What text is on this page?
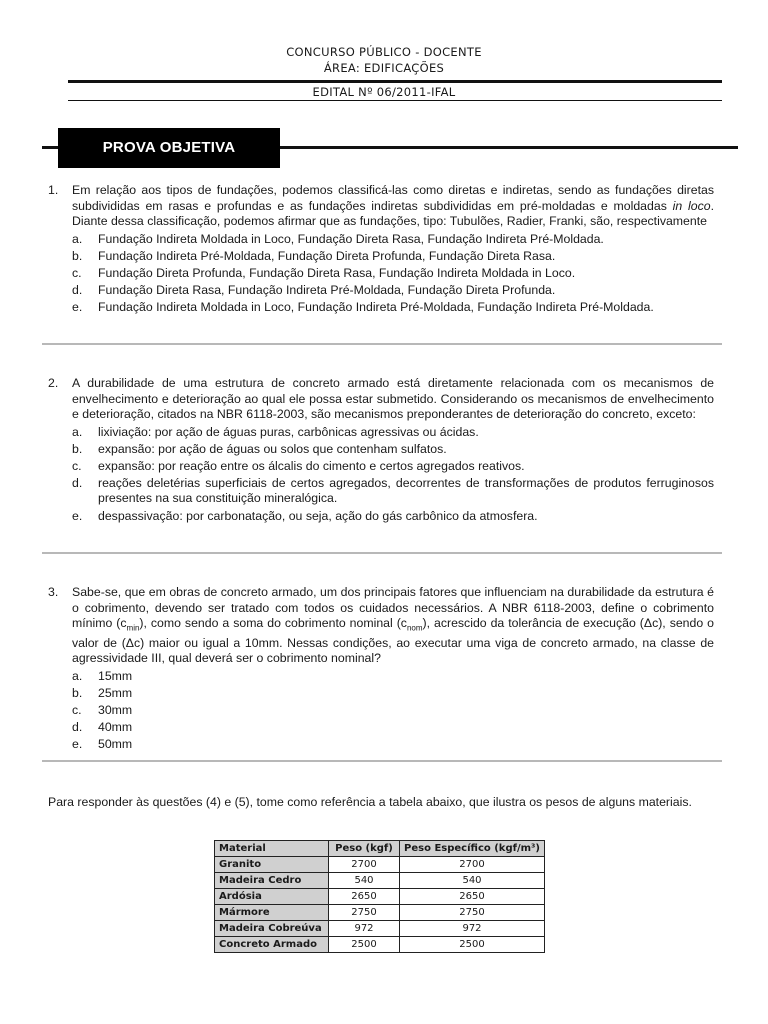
CONCURSO PÚBLICO - DOCENTE
ÁREA: EDIFICAÇÕES
EDITAL Nº 06/2011-IFAL
PROVA OBJETIVA
1.	Em relação aos tipos de fundações, podemos classificá-las como diretas e indiretas, sendo as fundações diretas subdivididas em rasas e profundas e as fundações indiretas subdivididas em pré-moldadas e moldadas in loco. Diante dessa classificação, podemos afirmar que as fundações, tipo: Tubulões, Radier, Franki, são, respectivamente
a.	Fundação Indireta Moldada in Loco, Fundação Direta Rasa, Fundação Indireta Pré-Moldada.
b.	Fundação Indireta Pré-Moldada, Fundação Direta Profunda, Fundação Direta Rasa.
c.	Fundação Direta Profunda, Fundação Direta Rasa, Fundação Indireta Moldada in Loco.
d.	Fundação Direta Rasa, Fundação Indireta Pré-Moldada, Fundação Direta Profunda.
e.	Fundação Indireta Moldada in Loco, Fundação Indireta Pré-Moldada, Fundação Indireta Pré-Moldada.
2.	A durabilidade de uma estrutura de concreto armado está diretamente relacionada com os mecanismos de envelhecimento e deterioração ao qual ele possa estar submetido. Considerando os mecanismos de envelhecimento e deterioração, citados na NBR 6118-2003, são mecanismos preponderantes de deterioração do concreto, exceto:
a.	lixiviação: por ação de águas puras, carbônicas agressivas ou ácidas.
b.	expansão: por ação de águas ou solos que contenham sulfatos.
c.	expansão: por reação entre os álcalis do cimento e certos agregados reativos.
d.	reações deletérias superficiais de certos agregados, decorrentes de transformações de produtos ferruginosos presentes na sua constituição mineralógica.
e.	despassivação: por carbonatação, ou seja, ação do gás carbônico da atmosfera.
3.	Sabe-se, que em obras de concreto armado, um dos principais fatores que influenciam na durabilidade da estrutura é o cobrimento, devendo ser tratado com todos os cuidados necessários. A NBR 6118-2003, define o cobrimento mínimo $(c_{min})$, como sendo a soma do cobrimento nominal $(c_{nom})$, acrescido da tolerância de execução (Δc), sendo o valor de (Δc) maior ou igual a 10mm. Nessas condições, ao executar uma viga de concreto armado, na classe de agressividade III, qual deverá ser o cobrimento nominal?
a.	15mm
b.	25mm
c.	30mm
d.	40mm
e.	50mm
Para responder às questões (4) e (5), tome como referência a tabela abaixo, que ilustra os pesos de alguns materiais.
Material	Peso (kgf)	Peso Específico (kgf/m³)
Granito	2700	2700
Madeira Cedro	540	540
Ardósia	2650	2650
Mármore	2750	2750
Madeira Cobreúva	972	972
Concreto Armado	2500	2500
